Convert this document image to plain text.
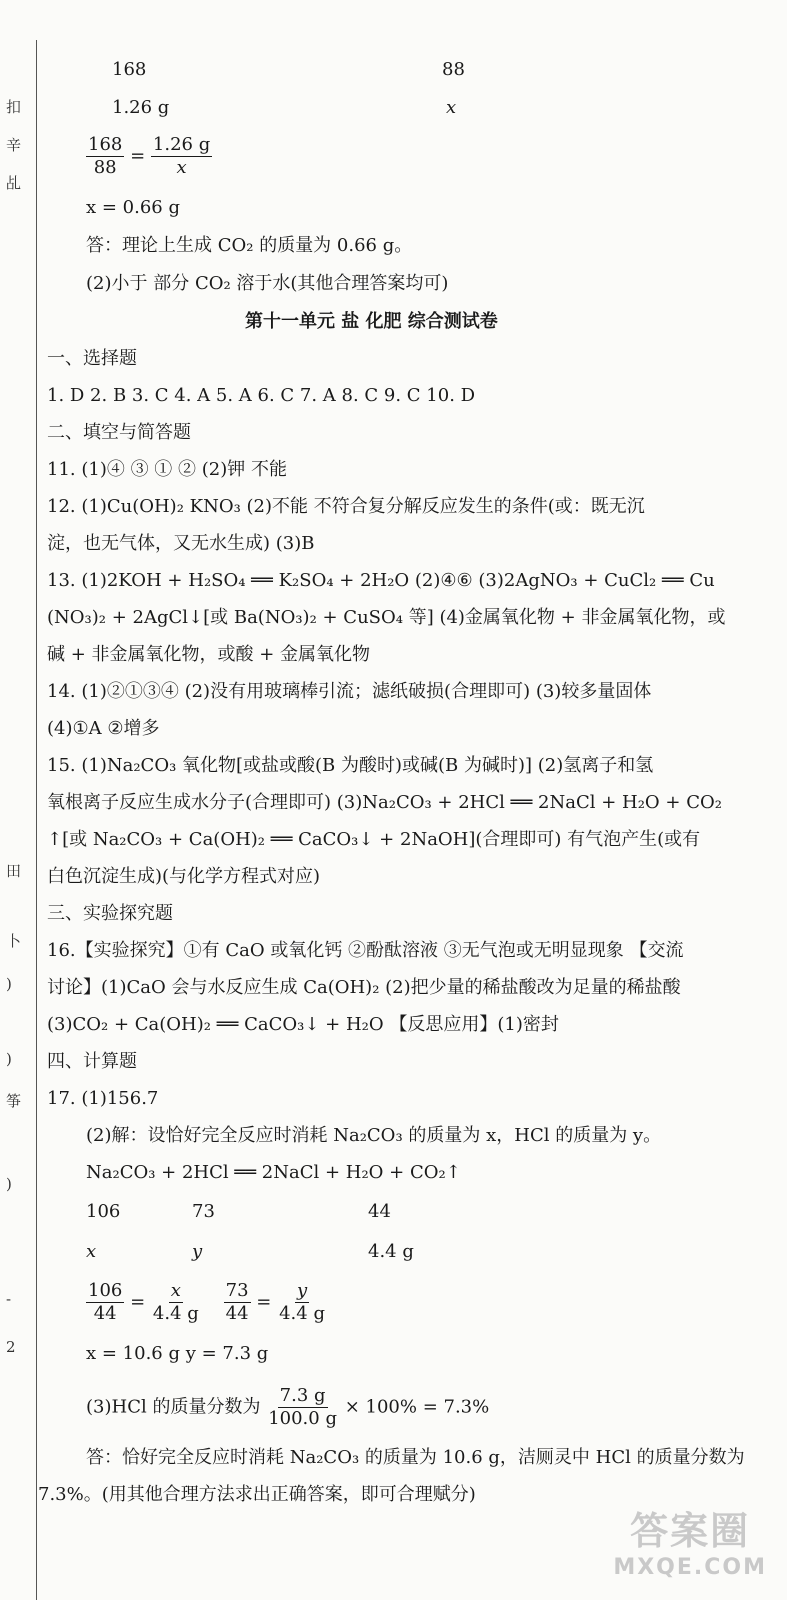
扣
辛
乩
田
卜
)
)
筝
)
-
2
168	88
1.26 g	x
$\frac{168}{88} = \frac{1.26 g}{x}$
x = 0.66 g
答：理论上生成 CO₂ 的质量为 0.66 g。
(2)小于 部分 CO₂ 溶于水(其他合理答案均可)
第十一单元 盐 化肥 综合测试卷
一、选择题
1. D 2. B 3. C 4. A 5. A 6. C 7. A 8. C 9. C 10. D
二、填空与简答题
11. (1)④ ③ ① ② (2)钾 不能
12. (1)Cu(OH)₂ KNO₃ (2)不能 不符合复分解反应发生的条件(或：既无沉
淀，也无气体，又无水生成) (3)B
13. (1)2KOH + H₂SO₄ ══ K₂SO₄ + 2H₂O (2)④⑥ (3)2AgNO₃ + CuCl₂ ══ Cu
(NO₃)₂ + 2AgCl↓[或 Ba(NO₃)₂ + CuSO₄ 等] (4)金属氧化物 + 非金属氧化物，或
碱 + 非金属氧化物，或酸 + 金属氧化物
14. (1)②①③④ (2)没有用玻璃棒引流；滤纸破损(合理即可) (3)较多量固体
(4)①A ②增多
15. (1)Na₂CO₃ 氧化物[或盐或酸(B 为酸时)或碱(B 为碱时)] (2)氢离子和氢
氧根离子反应生成水分子(合理即可) (3)Na₂CO₃ + 2HCl ══ 2NaCl + H₂O + CO₂
↑[或 Na₂CO₃ + Ca(OH)₂ ══ CaCO₃↓ + 2NaOH](合理即可) 有气泡产生(或有
白色沉淀生成)(与化学方程式对应)
三、实验探究题
16.【实验探究】①有 CaO 或氧化钙 ②酚酞溶液 ③无气泡或无明显现象 【交流
讨论】(1)CaO 会与水反应生成 Ca(OH)₂ (2)把少量的稀盐酸改为足量的稀盐酸
(3)CO₂ + Ca(OH)₂ ══ CaCO₃↓ + H₂O 【反思应用】(1)密封
四、计算题
17. (1)156.7
(2)解：设恰好完全反应时消耗 Na₂CO₃ 的质量为 x，HCl 的质量为 y。
Na₂CO₃ + 2HCl ══ 2NaCl + H₂O + CO₂↑
106	73	44
x	y	4.4 g
$\frac{106}{44} = \frac{x}{4.4 g}$
$\frac{73}{44} = \frac{y}{4.4 g}$
x = 10.6 g y = 7.3 g
(3)HCl 的质量分数为 $\frac{7.3 g}{100.0 g} \times 100\% = 7.3\%$
答：恰好完全反应时消耗 Na₂CO₃ 的质量为 10.6 g，洁厕灵中 HCl 的质量分数为
7.3%。(用其他合理方法求出正确答案，即可合理赋分)
答案圈
MXQE.COM
